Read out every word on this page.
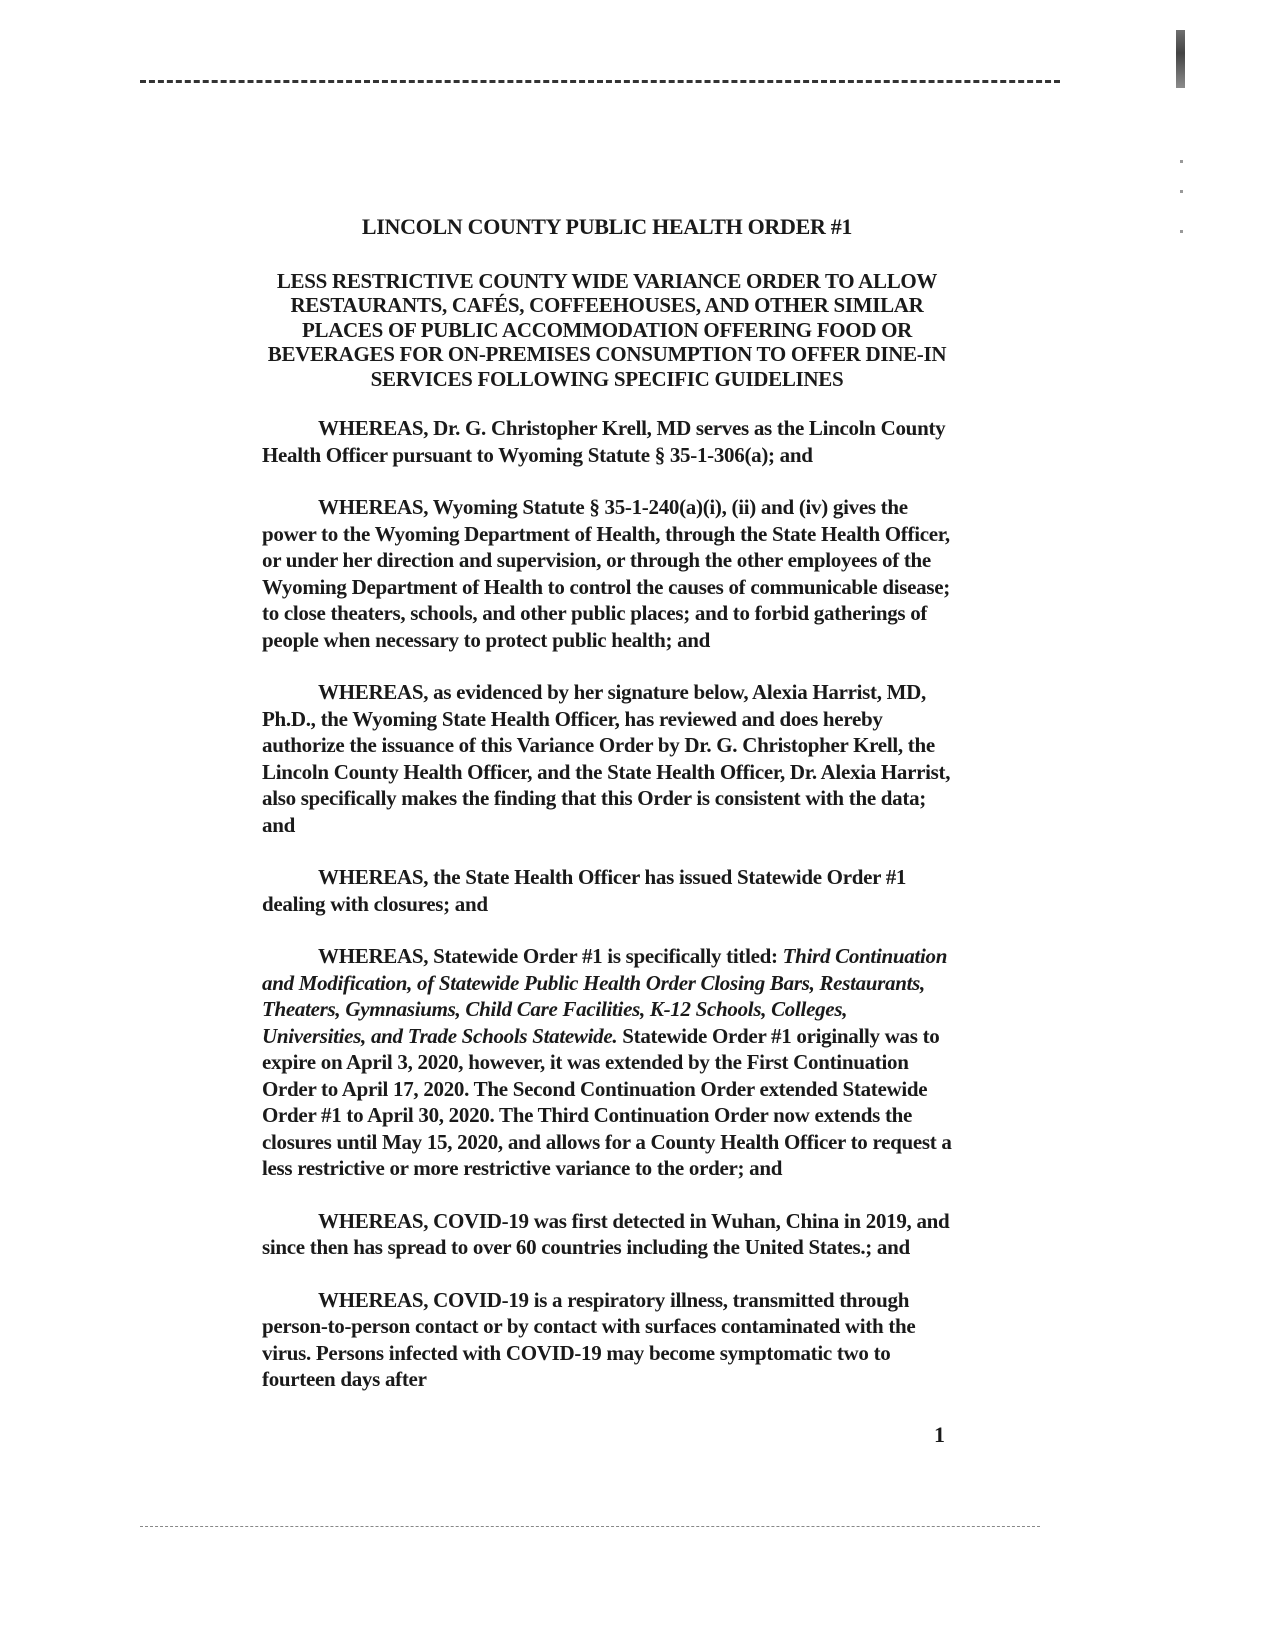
LINCOLN COUNTY PUBLIC HEALTH ORDER #1
LESS RESTRICTIVE COUNTY WIDE VARIANCE ORDER TO ALLOW RESTAURANTS, CAFÉS, COFFEEHOUSES, AND OTHER SIMILAR PLACES OF PUBLIC ACCOMMODATION OFFERING FOOD OR BEVERAGES FOR ON-PREMISES CONSUMPTION TO OFFER DINE-IN SERVICES FOLLOWING SPECIFIC GUIDELINES

WHEREAS, Dr. G. Christopher Krell, MD serves as the Lincoln County Health Officer pursuant to Wyoming Statute § 35-1-306(a); and

WHEREAS, Wyoming Statute § 35-1-240(a)(i), (ii) and (iv) gives the power to the Wyoming Department of Health, through the State Health Officer, or under her direction and supervision, or through the other employees of the Wyoming Department of Health to control the causes of communicable disease; to close theaters, schools, and other public places; and to forbid gatherings of people when necessary to protect public health; and

WHEREAS, as evidenced by her signature below, Alexia Harrist, MD, Ph.D., the Wyoming State Health Officer, has reviewed and does hereby authorize the issuance of this Variance Order by Dr. G. Christopher Krell, the Lincoln County Health Officer, and the State Health Officer, Dr. Alexia Harrist, also specifically makes the finding that this Order is consistent with the data; and

WHEREAS, the State Health Officer has issued Statewide Order #1 dealing with closures; and

WHEREAS, Statewide Order #1 is specifically titled: Third Continuation and Modification, of Statewide Public Health Order Closing Bars, Restaurants, Theaters, Gymnasiums, Child Care Facilities, K-12 Schools, Colleges, Universities, and Trade Schools Statewide. Statewide Order #1 originally was to expire on April 3, 2020, however, it was extended by the First Continuation Order to April 17, 2020. The Second Continuation Order extended Statewide Order #1 to April 30, 2020. The Third Continuation Order now extends the closures until May 15, 2020, and allows for a County Health Officer to request a less restrictive or more restrictive variance to the order; and

WHEREAS, COVID-19 was first detected in Wuhan, China in 2019, and since then has spread to over 60 countries including the United States.; and

WHEREAS, COVID-19 is a respiratory illness, transmitted through person-to-person contact or by contact with surfaces contaminated with the virus. Persons infected with COVID-19 may become symptomatic two to fourteen days after

1
